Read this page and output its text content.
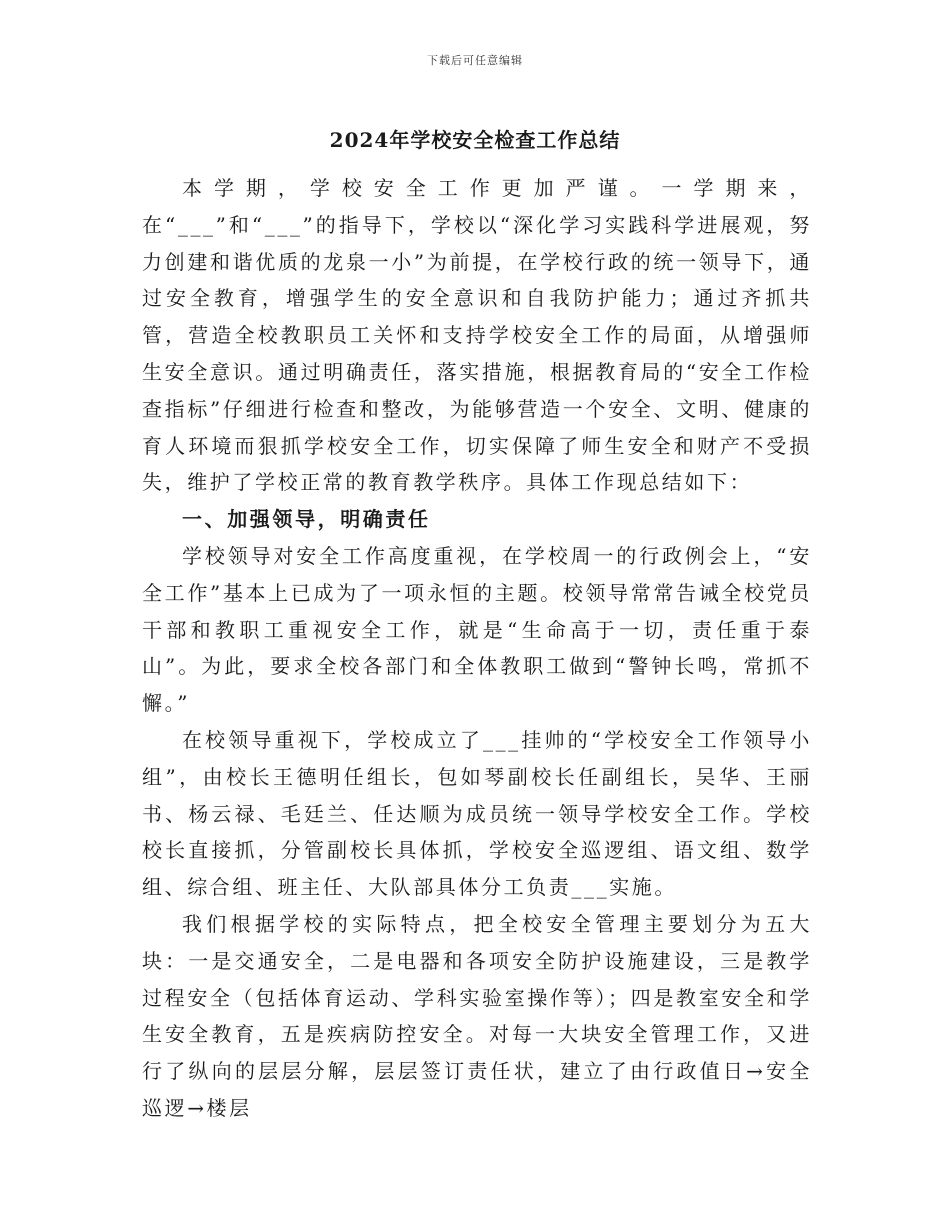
下载后可任意编辑
2024年学校安全检查工作总结

本学期，学校安全工作更加严谨。一学期来，在“___”和“___”的指导下，学校以“深化学习实践科学进展观，努力创建和谐优质的龙泉一小”为前提，在学校行政的统一领导下，通过安全教育，增强学生的安全意识和自我防护能力；通过齐抓共管，营造全校教职员工关怀和支持学校安全工作的局面，从增强师生安全意识。通过明确责任，落实措施，根据教育局的“安全工作检查指标”仔细进行检查和整改，为能够营造一个安全、文明、健康的育人环境而狠抓学校安全工作，切实保障了师生安全和财产不受损失，维护了学校正常的教育教学秩序。具体工作现总结如下：

一、加强领导，明确责任

学校领导对安全工作高度重视，在学校周一的行政例会上，“安全工作”基本上已成为了一项永恒的主题。校领导常常告诫全校党员干部和教职工重视安全工作，就是“生命高于一切，责任重于泰山”。为此，要求全校各部门和全体教职工做到“警钟长鸣，常抓不懈。”

在校领导重视下，学校成立了___挂帅的“学校安全工作领导小组”，由校长王德明任组长，包如琴副校长任副组长，吴华、王丽书、杨云禄、毛廷兰、任达顺为成员统一领导学校安全工作。学校校长直接抓，分管副校长具体抓，学校安全巡逻组、语文组、数学组、综合组、班主任、大队部具体分工负责___实施。

我们根据学校的实际特点，把全校安全管理主要划分为五大块：一是交通安全，二是电器和各项安全防护设施建设，三是教学过程安全（包括体育运动、学科实验室操作等）；四是教室安全和学生安全教育，五是疾病防控安全。对每一大块安全管理工作，又进行了纵向的层层分解，层层签订责任状，建立了由行政值日→安全巡逻→楼层
